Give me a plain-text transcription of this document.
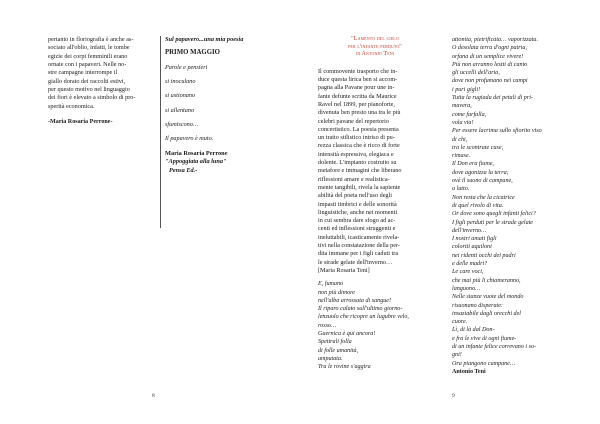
pertanto in floriografia è anche as-
sociato all'oblio, infatti, le tombe
egizie dei corpi femminili erano
ornate con i papaveri. Nelle no-
stre campagne interrompe il
giallo dorato dei raccolti estivi,
per questo motivo nel linguaggio
dei fiori è elevato a simbolo di pro-
sperità economica.

-Maria Rosaria Perrone-

Sul papavero...una mia poesia

PRIMO MAGGIO

Parole e pensieri
si inoculano
si ustionano
si allentano
sfumiscono…
Il papavero è muto.

Maria Rosaria Perrone

"Appoggiata alla luna"

Pensa Ed.-

8
"Lamento del cielo
per l'infante perduto"
di Antonio Teni
Il commovente trasporto che in-
duce questa lirica ben si accom-
pagna alla Pavane pour une in-
fante defunte scritta da Maurice
Ravel nel 1899, per pianoforte,
divenuta ben presto una tra le più
celebri pavane del repertorio
concertistico. La poesia presenta
un tratto stilistico intriso di pu-
rezza classica che è ricco di forte
intensità espressiva, elegiaca e
dolente. L'impianto costruito su
metafore e immagini che liberano
riflessioni amare e realistica-
mente tangibili, rivela la sapiente
abilità del poeta nell'uso degli
impasti timbrici e delle sonorità
linguistiche, anche nei momenti
in cui sembra dare sfogo ad ac-
centi ed inflessioni struggenti e
ineluttabili, icasticamente rivela-
tivi nella constatazione della per-
dita immane per i figli caduti tra
le strade gelate dell'inverno…
[Maria Rosaria Teni]
E, fumano
non più dimore
nell'alba arrossata di sangue!
Il riparo calato sull'ultimo giorno-
lenzuolo che ricopre un lugubre velo,
rosso…
Guernica è qui ancora!
Spettrali folla
di folle umanità,
amputata.
Tra le rovine s'aggira
attonita, pietrificata… vaporizzata.
O desolata terra d'ogni patria,
orfana di un semplice vivere!
Più non arranno lestti di canto
gli uccelli dell'aria,
dove non profumano nei campi
i puri gigli!
Tutta la rugiada dei petali di pri-
mavera,
come farfalla,
vola via!
Per essere lacrima sullo sfiorito viso
di chi,
tra le scontrate case,
rimase.
Il Don era fiume,
dove agonizza la terra;
ovè il suono di campane,
a lutto.
Non resta che la cicatrice
di quel rivolo di vita.
Or dove sono quegli infanti felici?
I figli perduti per le strade gelate
dell'inverno…
I nostri amati figli
coloriti aquiloni
nei ridenti occhi dei padri
e delle madri?
Le care voci,
che mai più li chiameranno,
languono…
Nelle stanze vuote del mondo
risuonano disperate:
insaziabile dagli orecchi del
cuore.
Lì, di là dal Don-
e fra le vive di ogni fiume-
di un infante felice correvano i so-
gni!
Ora piangono campane…

Antonio Teni

9
